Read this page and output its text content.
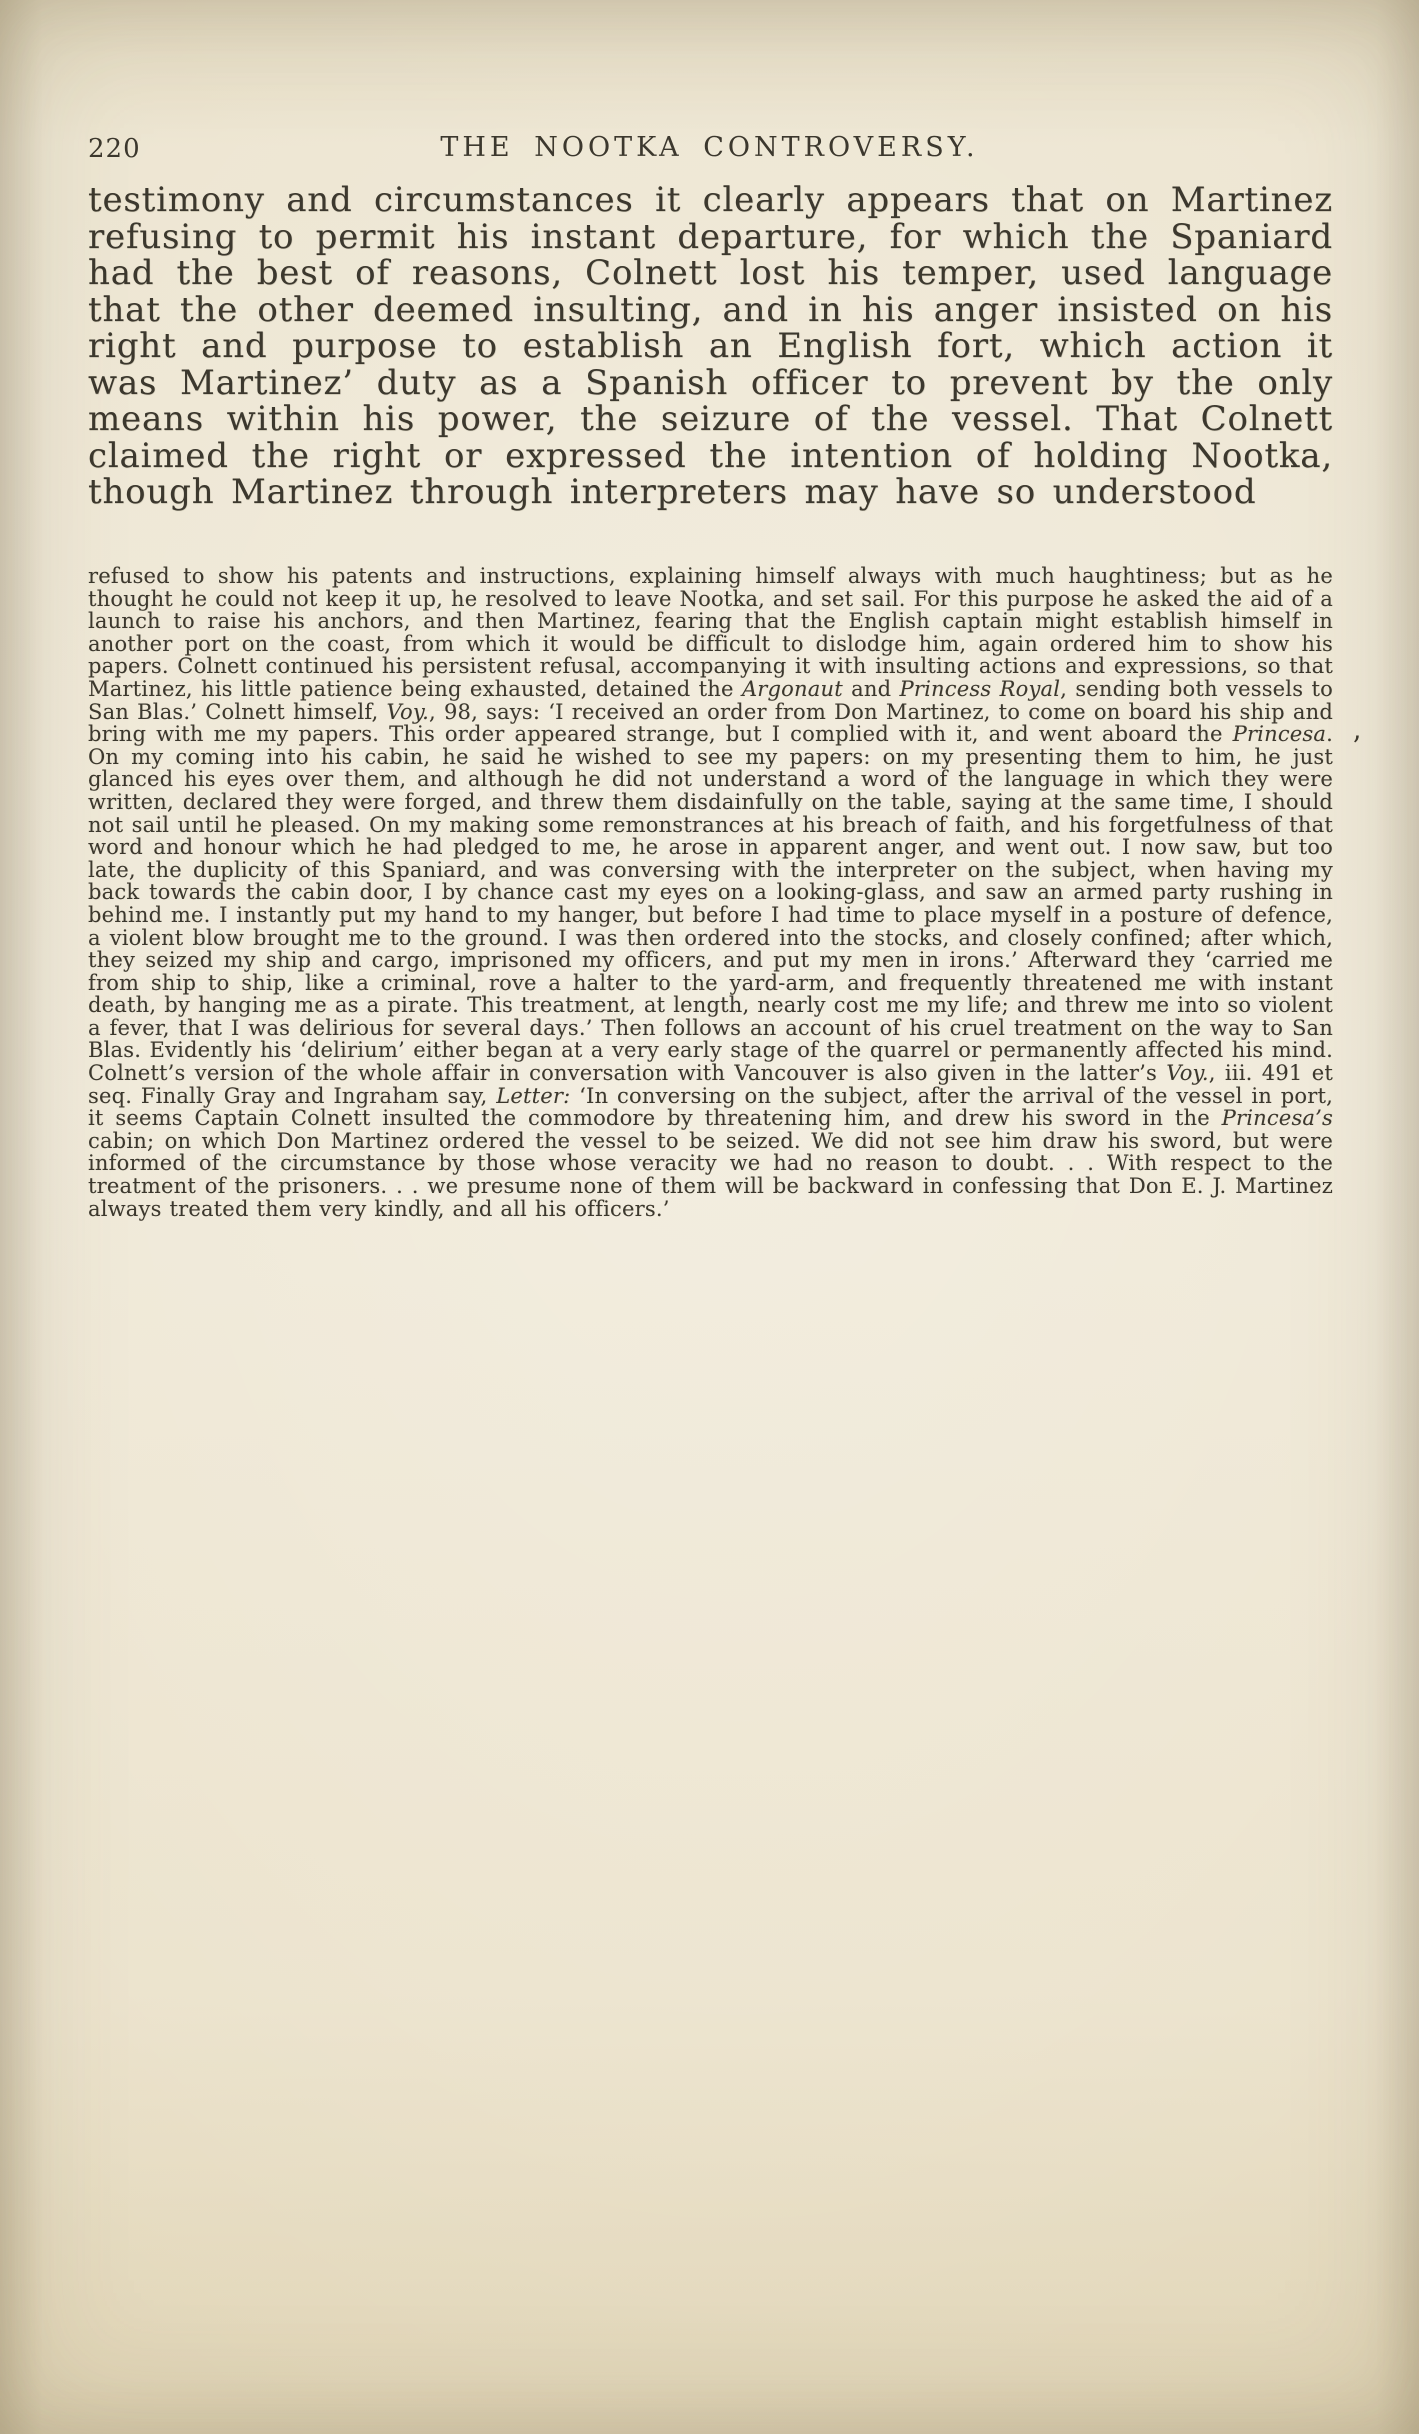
220	THE NOOTKA CONTROVERSY.

testimony and circumstances it clearly appears that on Martinez refusing to permit his instant departure, for which the Spaniard had the best of reasons, Colnett lost his temper, used language that the other deemed insulting, and in his anger insisted on his right and purpose to establish an English fort, which action it was Martinez’ duty as a Spanish officer to prevent by the only means within his power, the seizure of the vessel. That Colnett claimed the right or expressed the intention of holding Nootka, though Martinez through interpreters may have so understood

refused to show his patents and instructions, explaining himself always with much haughtiness; but as he thought he could not keep it up, he resolved to leave Nootka, and set sail. For this purpose he asked the aid of a launch to raise his anchors, and then Martinez, fearing that the English captain might establish himself in another port on the coast, from which it would be difficult to dislodge him, again ordered him to show his papers. Colnett continued his persistent refusal, accompanying it with insulting actions and expressions, so that Martinez, his little patience being exhausted, detained the Argonaut and Princess Royal, sending both vessels to San Blas.’ Colnett himself, Voy., 98, says: ‘I received an order from Don Martinez, to come on board his ship and bring with me my papers. This order appeared strange, but I complied with it, and went aboard the Princesa. On my coming into his cabin, he said he wished to see my papers: on my presenting them to him, he just glanced his eyes over them, and although he did not understand a word of the language in which they were written, declared they were forged, and threw them disdainfully on the table, saying at the same time, I should not sail until he pleased. On my making some remonstrances at his breach of faith, and his forgetfulness of that word and honour which he had pledged to me, he arose in apparent anger, and went out. I now saw, but too late, the duplicity of this Spaniard, and was conversing with the interpreter on the subject, when having my back towards the cabin door, I by chance cast my eyes on a looking-glass, and saw an armed party rushing in behind me. I instantly put my hand to my hanger, but before I had time to place myself in a posture of defence, a violent blow brought me to the ground. I was then ordered into the stocks, and closely confined; after which, they seized my ship and cargo, imprisoned my officers, and put my men in irons.’ Afterward they ‘carried me from ship to ship, like a criminal, rove a halter to the yard-arm, and frequently threatened me with instant death, by hanging me as a pirate. This treatment, at length, nearly cost me my life; and threw me into so violent a fever, that I was delirious for several days.’ Then follows an account of his cruel treatment on the way to San Blas. Evidently his ‘delirium’ either began at a very early stage of the quarrel or permanently affected his mind. Colnett’s version of the whole affair in conversation with Vancouver is also given in the latter’s Voy., iii. 491 et seq. Finally Gray and Ingraham say, Letter: ‘In conversing on the subject, after the arrival of the vessel in port, it seems Captain Colnett insulted the commodore by threatening him, and drew his sword in the Princesa’s cabin; on which Don Martinez ordered the vessel to be seized. We did not see him draw his sword, but were informed of the circumstance by those whose veracity we had no reason to doubt. . . With respect to the treatment of the prisoners. . . we presume none of them will be backward in confessing that Don E. J. Martinez always treated them very kindly, and all his officers.’

’
